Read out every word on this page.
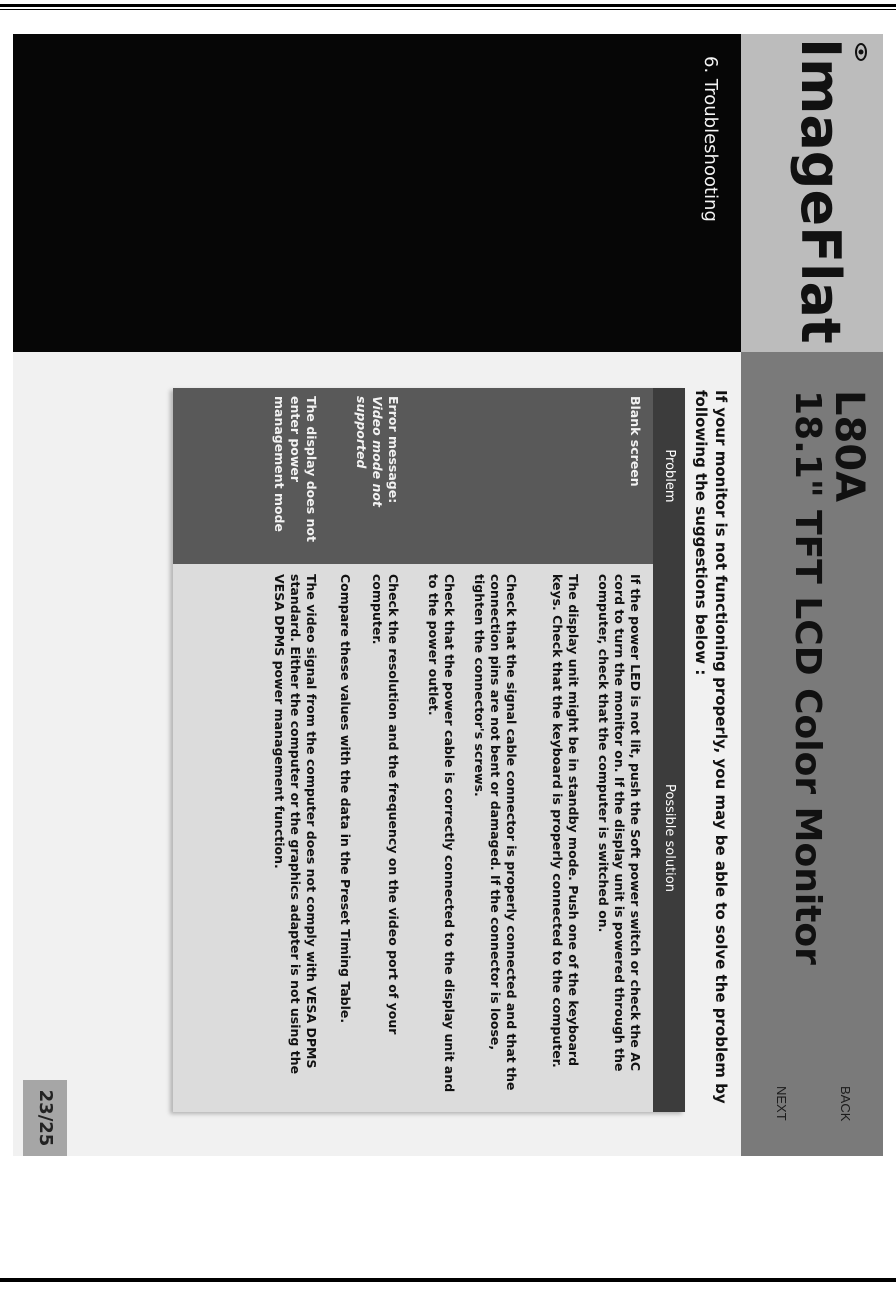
ImageFlat
L80A
18.1" TFT LCD Color Monitor
BACK
NEXT
6. Troubleshooting
If your monitor is not functioning properly, you may be able to solve the problem by following the suggestions below :
Problem
Possible solution
Blank screen
Error message:
Video mode not supported
The display does not enter power management mode
If the power LED is not lit, push the Soft power switch or check the AC cord to turn the monitor on. If the display unit is powered through the computer, check that the computer is switched on.
The display unit might be in standby mode. Push one of the keyboard keys. Check that the keyboard is properly connected to the computer.
Check that the signal cable connector is properly connected and that the connection pins are not bent or damaged. If the connector is loose, tighten the connector's screws.
Check that the power cable is correctly connected to the display unit and to the power outlet.
Check the resolution and the frequency on the video port of your computer.
Compare these values with the data in the Preset Timing Table.
The video signal from the computer does not comply with VESA DPMS standard. Either the computer or the graphics adapter is not using the VESA DPMS power management function.
23/25
